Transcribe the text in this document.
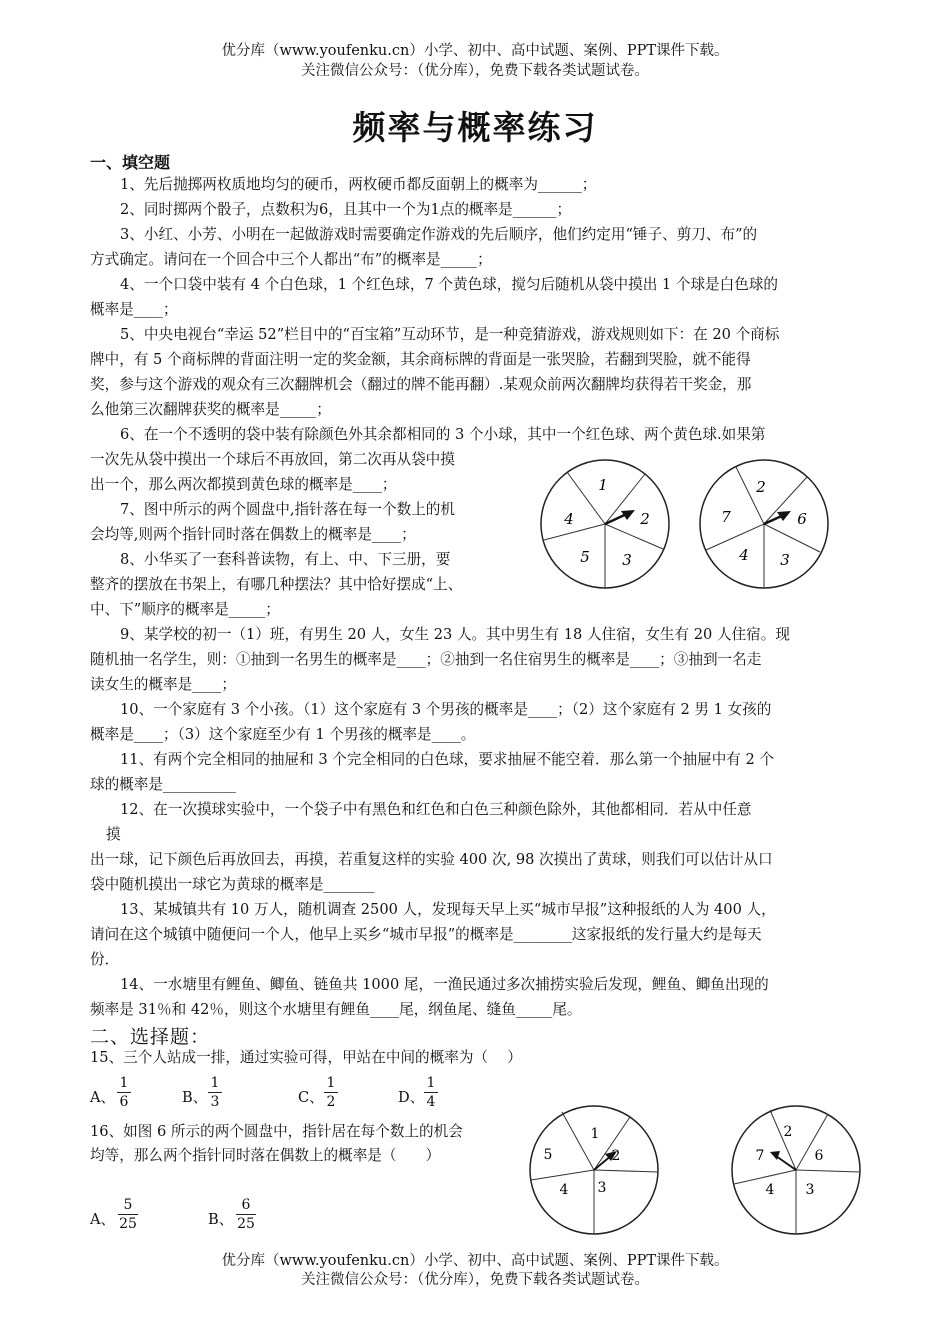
优分库（www.youfenku.cn）小学、初中、高中试题、案例、PPT课件下载。
关注微信公众号：（优分库），免费下载各类试题试卷。
频率与概率练习
一、填空题
1、先后抛掷两枚质地均匀的硬币，两枚硬币都反面朝上的概率为______；
2、同时掷两个骰子，点数积为6，且其中一个为1点的概率是______；
3、小红、小芳、小明在一起做游戏时需要确定作游戏的先后顺序，他们约定用“锤子、剪刀、布”的
方式确定。请问在一个回合中三个人都出“布”的概率是_____；
4、一个口袋中装有 4 个白色球，1 个红色球，7 个黄色球，搅匀后随机从袋中摸出 1 个球是白色球的
概率是____；
5、中央电视台“幸运 52”栏目中的“百宝箱”互动环节，是一种竞猜游戏，游戏规则如下：在 20 个商标
牌中，有 5 个商标牌的背面注明一定的奖金额，其余商标牌的背面是一张哭脸，若翻到哭脸，就不能得
奖，参与这个游戏的观众有三次翻牌机会（翻过的牌不能再翻）.某观众前两次翻牌均获得若干奖金，那
么他第三次翻牌获奖的概率是_____；
6、在一个不透明的袋中装有除颜色外其余都相同的 3 个小球，其中一个红色球、两个黄色球.如果第
一次先从袋中摸出一个球后不再放回，第二次再从袋中摸
出一个，那么两次都摸到黄色球的概率是____；
7、图中所示的两个圆盘中,指针落在每一个数上的机
会均等,则两个指针同时落在偶数上的概率是____；
8、小华买了一套科普读物，有上、中、下三册，要
整齐的摆放在书架上，有哪几种摆法？其中恰好摆成“上、
中、下”顺序的概率是_____；
9、某学校的初一（1）班，有男生 20 人，女生 23 人。其中男生有 18 人住宿，女生有 20 人住宿。现
随机抽一名学生，则：①抽到一名男生的概率是____；②抽到一名住宿男生的概率是____；③抽到一名走
读女生的概率是____；
10、一个家庭有 3 个小孩。（1）这个家庭有 3 个男孩的概率是____；（2）这个家庭有 2 男 1 女孩的
概率是____；（3）这个家庭至少有 1 个男孩的概率是____。
11、有两个完全相同的抽屉和 3 个完全相同的白色球，要求抽屉不能空着．那么第一个抽屉中有 2 个
球的概率是__________
12、在一次摸球实验中，一个袋子中有黑色和红色和白色三种颜色除外，其他都相同．若从中任意
摸
出一球，记下颜色后再放回去，再摸，若重复这样的实验 400 次, 98 次摸出了黄球，则我们可以估计从口
袋中随机摸出一球它为黄球的概率是_______
13、某城镇共有 10 万人，随机调查 2500 人，发现每天早上买“城市早报”这种报纸的人为 400 人，
请问在这个城镇中随便问一个人，他早上买乡“城市早报”的概率是________这家报纸的发行量大约是每天
份．
14、一水塘里有鲤鱼、鲫鱼、链鱼共 1000 尾，一渔民通过多次捕捞实验后发现，鲤鱼、鲫鱼出现的
频率是 31％和 42％，则这个水塘里有鲤鱼____尾，纲鱼尾、缝鱼_____尾。
二、选择题：
15、三个人站成一排，通过实验可得，甲站在中间的概率为（　 ）
A、
1
6	B、
1
3	C、
1
2	D、
1
4
16、如图 6 所示的两个圆盘中，指针居在每个数上的机会
均等，那么两个指针同时落在偶数上的概率是（　　）
A、
5
25	B、
6
25
1
2
3
5
4
2
6
3
4
7
1
2
3
4
5
2
6
3
4
7
优分库（www.youfenku.cn）小学、初中、高中试题、案例、PPT课件下载。
关注微信公众号：（优分库），免费下载各类试题试卷。
